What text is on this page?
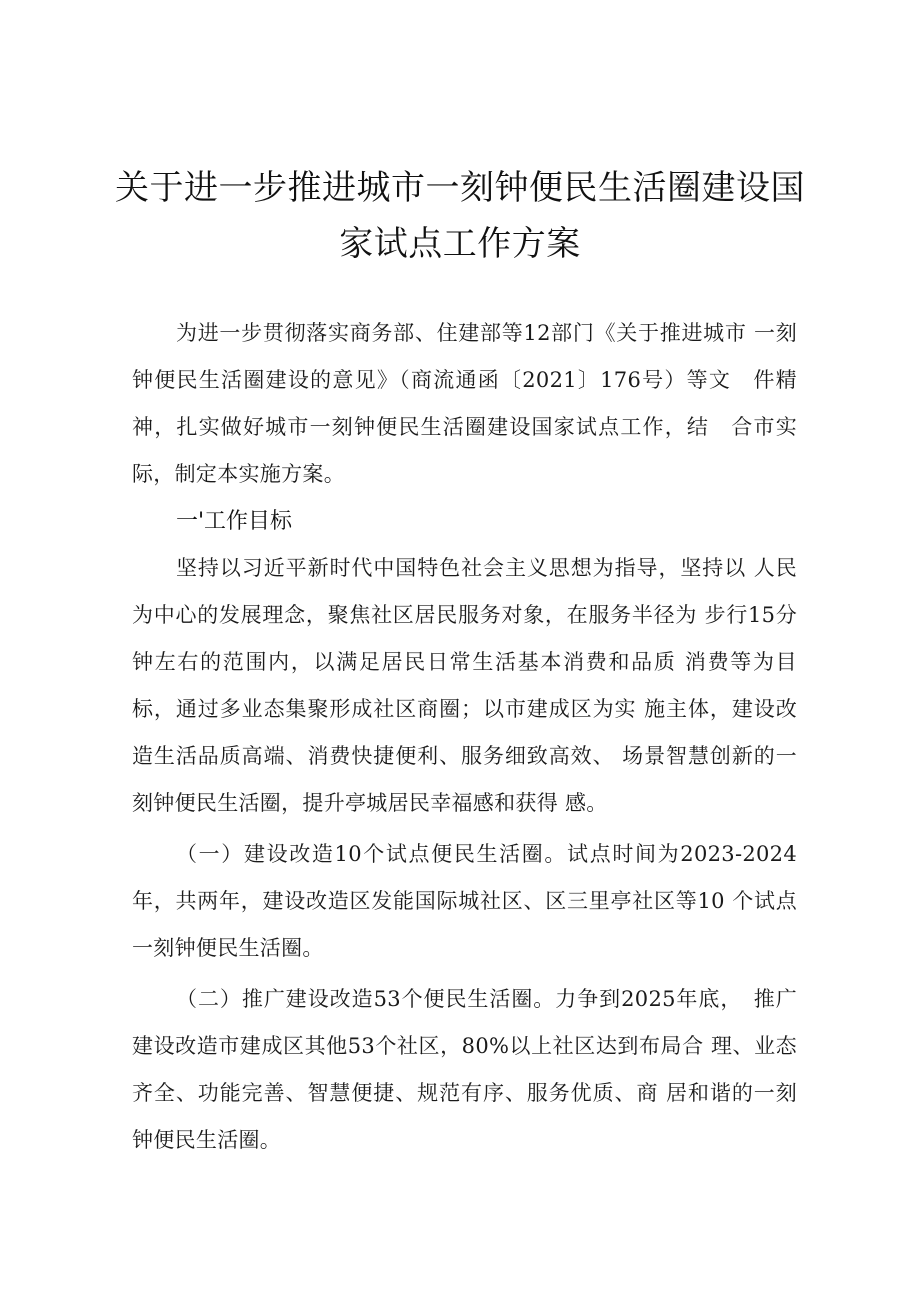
关于进一步推进城市一刻钟便民生活圈建设国
家试点工作方案

为进一步贯彻落实商务部、住建部等12部门《关于推进城市 一刻钟便民生活圈建设的意见》（商流通函〔2021〕176号）等文　件精神，扎实做好城市一刻钟便民生活圈建设国家试点工作，结　合市实际，制定本实施方案。

一'工作目标

坚持以习近平新时代中国特色社会主义思想为指导，坚持以 人民为中心的发展理念，聚焦社区居民服务对象，在服务半径为 步行15分钟左右的范围内，以满足居民日常生活基本消费和品质 消费等为目标，通过多业态集聚形成社区商圈；以市建成区为实 施主体，建设改造生活品质高端、消费快捷便利、服务细致高效、 场景智慧创新的一刻钟便民生活圈，提升亭城居民幸福感和获得 感。

（一）建设改造10个试点便民生活圈。试点时间为2023-2024 年，共两年，建设改造区发能国际城社区、区三里亭社区等10 个试点一刻钟便民生活圈。

（二）推广建设改造53个便民生活圈。力争到2025年底，　推广建设改造市建成区其他53个社区，80%以上社区达到布局合 理、业态齐全、功能完善、智慧便捷、规范有序、服务优质、商 居和谐的一刻钟便民生活圈。
